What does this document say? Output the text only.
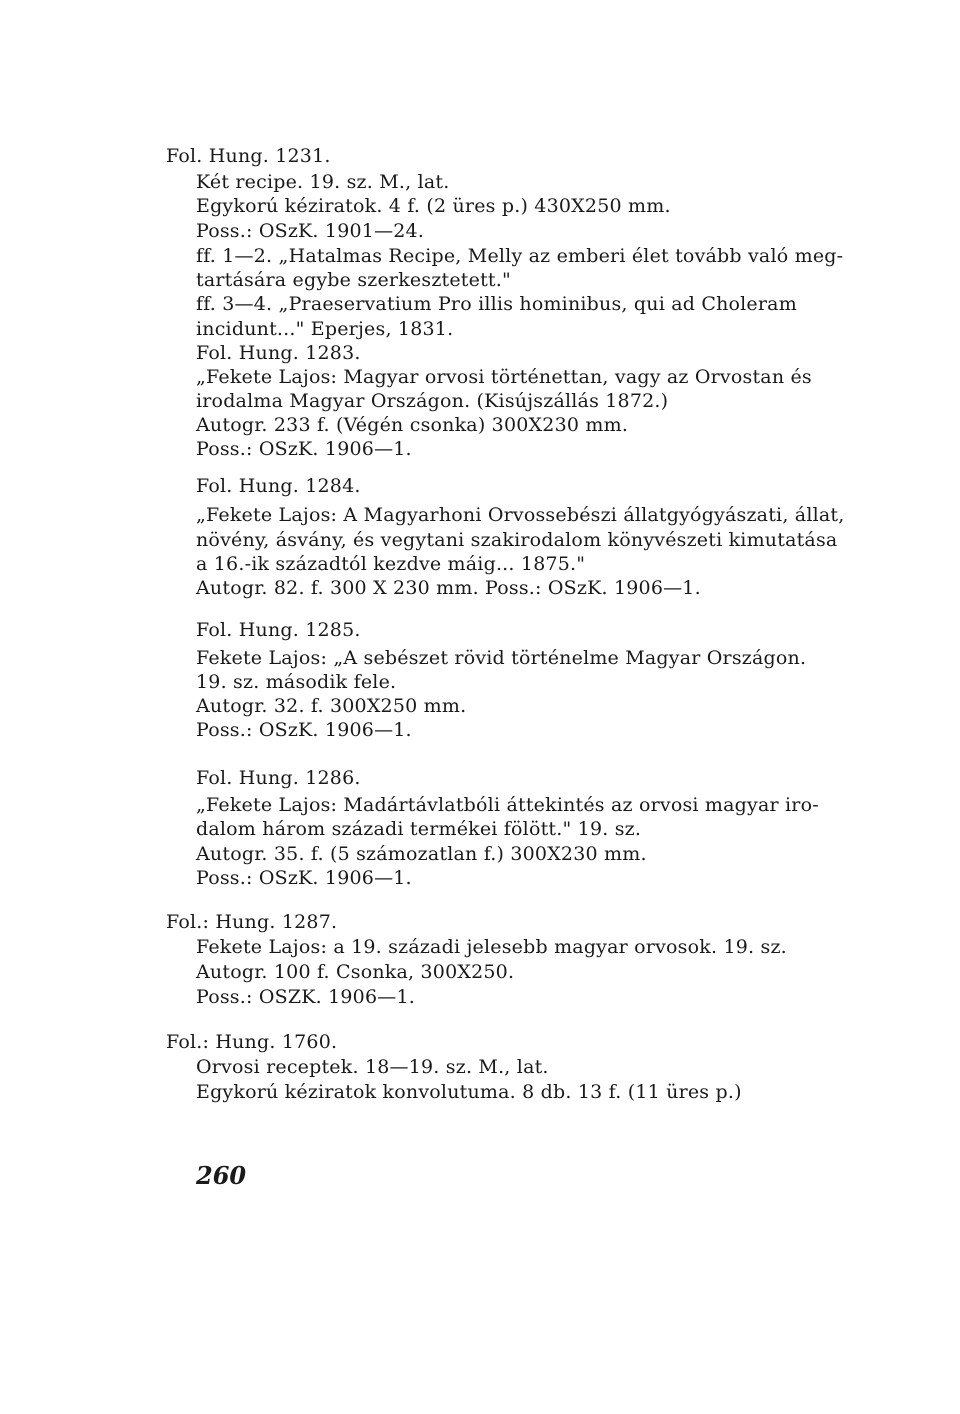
Fol. Hung. 1231.
Két recipe. 19. sz. M., lat.
Egykorú kéziratok. 4 f. (2 üres p.) 430X250 mm.
Poss.: OSzK. 1901—24.
ff. 1—2. „Hatalmas Recipe, Melly az emberi élet tovább való meg-
tartására egybe szerkesztetett."
ff. 3—4. „Praeservatium Pro illis hominibus, qui ad Choleram
incidunt..." Eperjes, 1831.
Fol. Hung. 1283.
„Fekete Lajos: Magyar orvosi történettan, vagy az Orvostan és
irodalma Magyar Országon. (Kisújszállás 1872.)
Autogr. 233 f. (Végén csonka) 300X230 mm.
Poss.: OSzK. 1906—1.
Fol. Hung. 1284.
„Fekete Lajos: A Magyarhoni Orvossebészi állatgyógyászati, állat,
növény, ásvány, és vegytani szakirodalom könyvészeti kimutatása
a 16.-ik századtól kezdve máig... 1875."
Autogr. 82. f. 300 X 230 mm. Poss.: OSzK. 1906—1.
Fol. Hung. 1285.
Fekete Lajos: „A sebészet rövid történelme Magyar Országon.
19. sz. második fele.
Autogr. 32. f. 300X250 mm.
Poss.: OSzK. 1906—1.
Fol. Hung. 1286.
„Fekete Lajos: Madártávlatbóli áttekintés az orvosi magyar iro-
dalom három századi termékei fölött." 19. sz.
Autogr. 35. f. (5 számozatlan f.) 300X230 mm.
Poss.: OSzK. 1906—1.
Fol.: Hung. 1287.
Fekete Lajos: a 19. századi jelesebb magyar orvosok. 19. sz.
Autogr. 100 f. Csonka, 300X250.
Poss.: OSZK. 1906—1.
Fol.: Hung. 1760.
Orvosi receptek. 18—19. sz. M., lat.
Egykorú kéziratok konvolutuma. 8 db. 13 f. (11 üres p.)
260
